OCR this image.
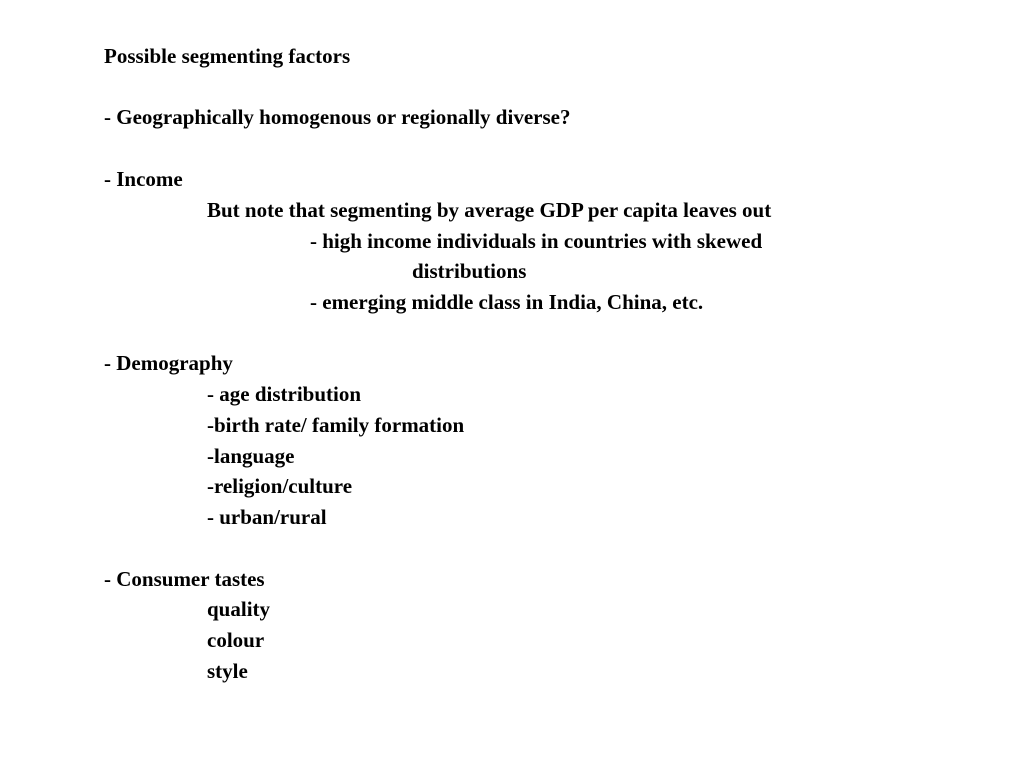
Possible segmenting factors
- Geographically homogenous or regionally diverse?
- Income
But note that segmenting by average GDP per capita leaves out
- high income individuals in countries with skewed
distributions
- emerging middle class in India, China, etc.
- Demography
- age distribution
-birth rate/ family formation
-language
-religion/culture
- urban/rural
- Consumer tastes
quality
colour
style
